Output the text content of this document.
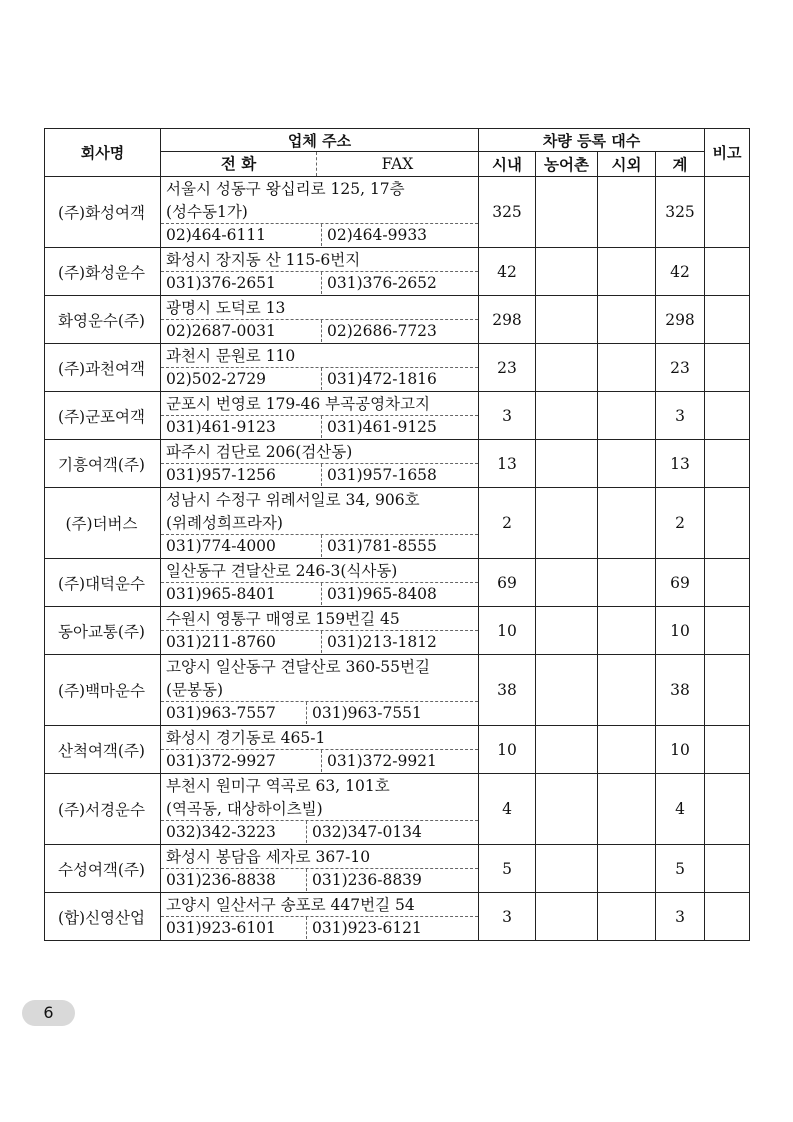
회사명	업체 주소	차량 등록 대수				비고

	전 화 FAX	시내	농어촌	시외	계	
(주)화성여객	서울시 성동구 왕십리로 125, 17층
(성수동1가)
02)464-6111 02)464-9933	325			325	
(주)화성운수	화성시 장지동 산 115-6번지
031)376-2651 031)376-2652	42			42	
화영운수(주)	광명시 도덕로 13
02)2687-0031 02)2686-7723	298			298	
(주)과천여객	과천시 문원로 110
02)502-2729 031)472-1816	23			23	
(주)군포여객	군포시 번영로 179-46 부곡공영차고지
031)461-9123 031)461-9125	3			3	
기흥여객(주)	파주시 검단로 206(검산동)
031)957-1256 031)957-1658	13			13	
(주)더버스	성남시 수정구 위례서일로 34, 906호
(위례성희프라자)
031)774-4000 031)781-8555	2			2	
(주)대덕운수	일산동구 견달산로 246-3(식사동)
031)965-8401 031)965-8408	69			69	
동아교통(주)	수원시 영통구 매영로 159번길 45
031)211-8760 031)213-1812	10			10	
(주)백마운수	고양시 일산동구 견달산로 360-55번길
(문봉동)
031)963-7557 031)963-7551	38			38	
산척여객(주)	화성시 경기동로 465-1
031)372-9927 031)372-9921	10			10	
(주)서경운수	부천시 원미구 역곡로 63, 101호
(역곡동, 대상하이츠빌)
032)342-3223 032)347-0134	4			4	
수성여객(주)	화성시 봉담읍 세자로 367-10
031)236-8838 031)236-8839	5			5	
(합)신영산업	고양시 일산서구 송포로 447번길 54
031)923-6101 031)923-6121	3			3	
6
